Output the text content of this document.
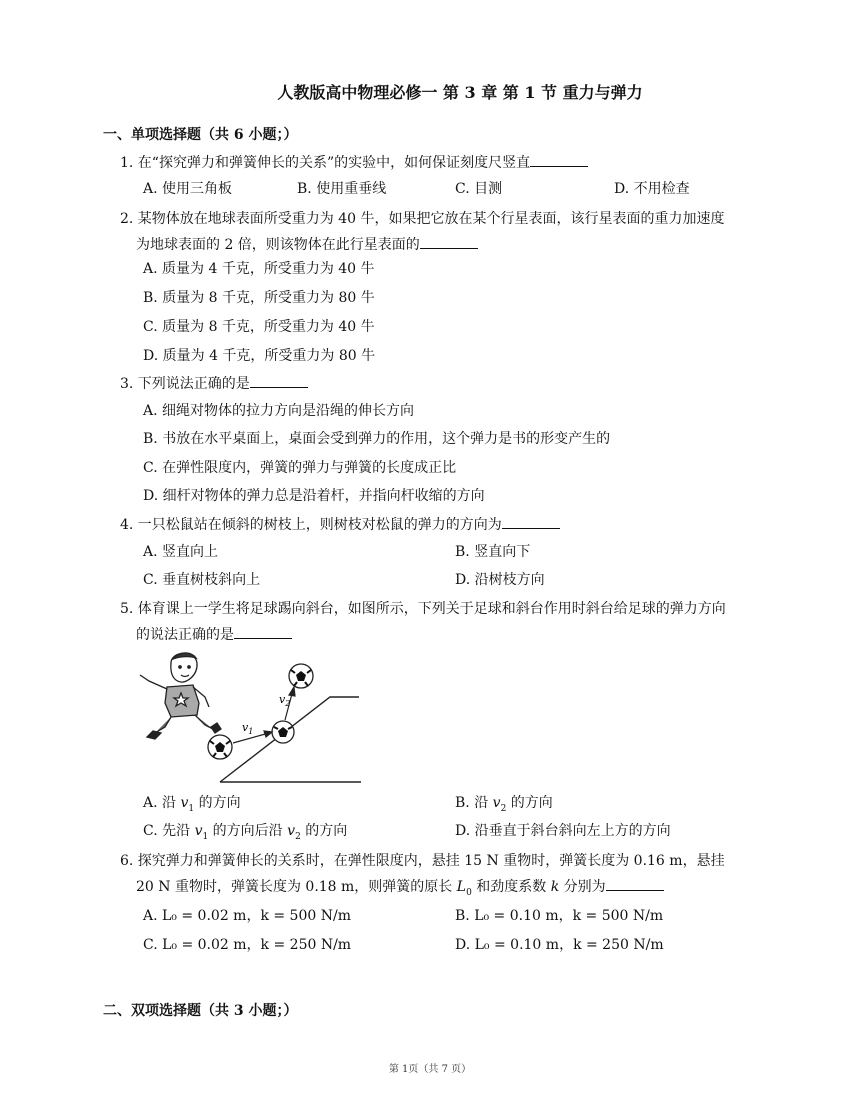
人教版高中物理必修一 第 3 章 第 1 节 重力与弹力
一、单项选择题（共 6 小题；）
1. 在“探究弹力和弹簧伸长的关系”的实验中，如何保证刻度尺竖直
A. 使用三角板	B. 使用重垂线	C. 目测	D. 不用检查
2. 某物体放在地球表面所受重力为 40 牛，如果把它放在某个行星表面，该行星表面的重力加速度
为地球表面的 2 倍，则该物体在此行星表面的
A. 质量为 4 千克，所受重力为 40 牛
B. 质量为 8 千克，所受重力为 80 牛
C. 质量为 8 千克，所受重力为 40 牛
D. 质量为 4 千克，所受重力为 80 牛
3. 下列说法正确的是
A. 细绳对物体的拉力方向是沿绳的伸长方向
B. 书放在水平桌面上，桌面会受到弹力的作用，这个弹力是书的形变产生的
C. 在弹性限度内，弹簧的弹力与弹簧的长度成正比
D. 细杆对物体的弹力总是沿着杆，并指向杆收缩的方向
4. 一只松鼠站在倾斜的树枝上，则树枝对松鼠的弹力的方向为
A. 竖直向上	B. 竖直向下
C. 垂直树枝斜向上	D. 沿树枝方向
5. 体育课上一学生将足球踢向斜台，如图所示，下列关于足球和斜台作用时斜台给足球的弹力方向
的说法正确的是
$v_1$
$v_2$
A. 沿 $v_1$ 的方向	B. 沿 $v_2$ 的方向
C. 先沿 $v_1$ 的方向后沿 $v_2$ 的方向	D. 沿垂直于斜台斜向左上方的方向
6. 探究弹力和弹簧伸长的关系时，在弹性限度内，悬挂 15 N 重物时，弹簧长度为 0.16 m，悬挂
20 N 重物时，弹簧长度为 0.18 m，则弹簧的原长 $L_0$ 和劲度系数 k 分别为
A. L₀ = 0.02 m，k = 500 N/m	B. L₀ = 0.10 m，k = 500 N/m
C. L₀ = 0.02 m，k = 250 N/m	D. L₀ = 0.10 m，k = 250 N/m
二、双项选择题（共 3 小题；）
第 1页（共 7 页）
